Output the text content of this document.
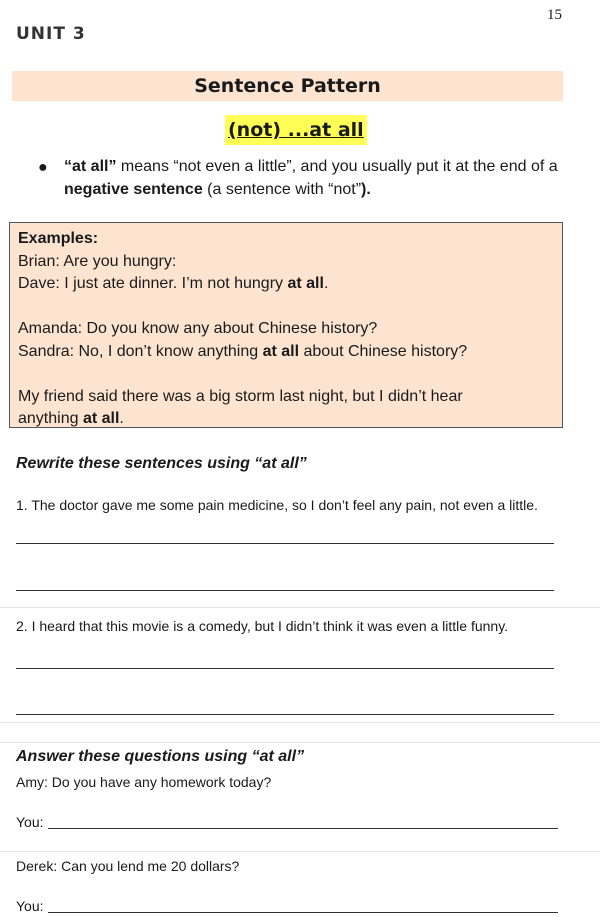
15
UNIT 3
Sentence Pattern
(not) ...at all
● “at all” means “not even a little”, and you usually put it at the end of a negative sentence (a sentence with “not”).
Examples:
Brian: Are you hungry:
Dave: I just ate dinner. I’m not hungry at all.
Amanda: Do you know any about Chinese history?
Sandra: No, I don’t know anything at all about Chinese history?
My friend said there was a big storm last night, but I didn’t hear
anything at all.
Rewrite these sentences using “at all”
1. The doctor gave me some pain medicine, so I don’t feel any pain, not even a little.
2. I heard that this movie is a comedy, but I didn’t think it was even a little funny.
Answer these questions using “at all”
Amy: Do you have any homework today?
You:
Derek: Can you lend me 20 dollars?
You:
